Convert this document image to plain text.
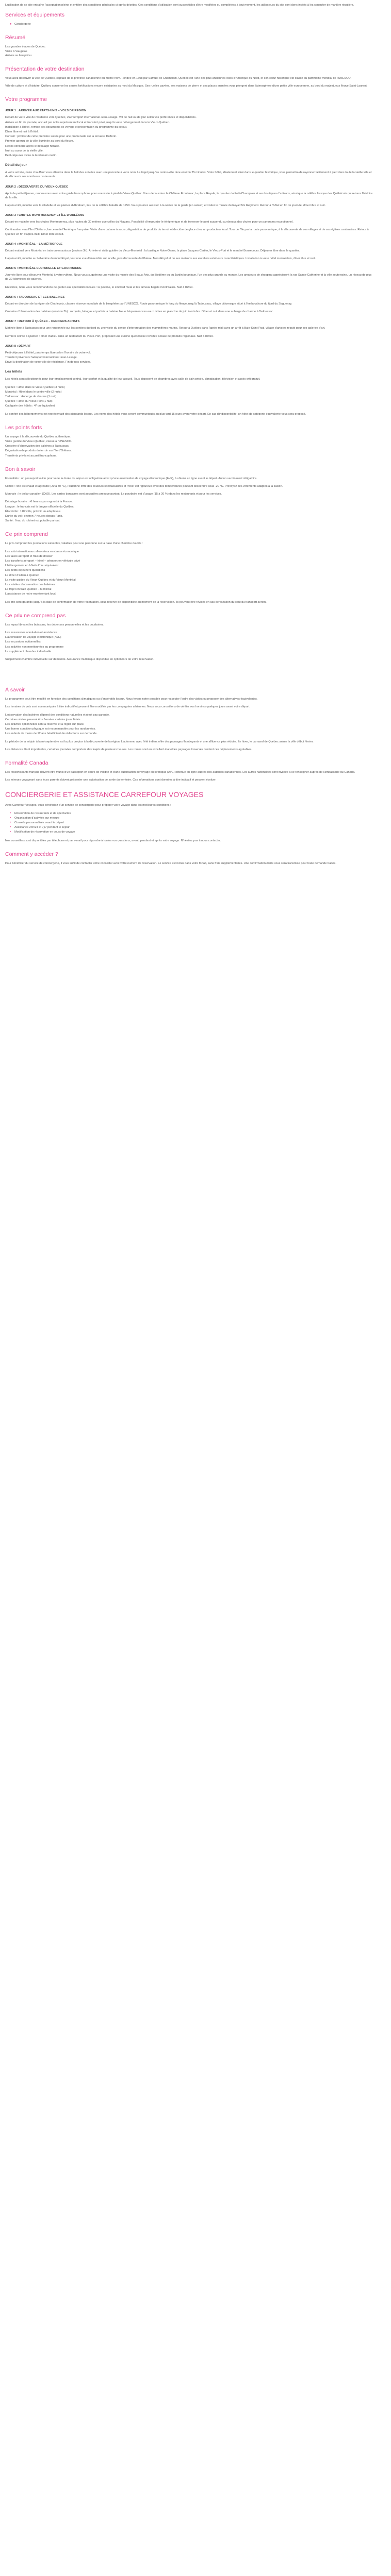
L'utilisation de ce site entraîne l'acceptation pleine et entière des conditions générales ci-après décrites. Ces conditions d'utilisation sont susceptibles d'être modifiées ou complétées à tout moment, les utilisateurs du site sont donc invités à les consulter de manière régulière.

Services et équipements
● Conciergerie
Résumé

Les grandes étapes de Québec

Visite à Vaugelas

Arrivée au lieu prévu

Présentation de votre destination

Vous allez découvrir la ville de Québec, capitale de la province canadienne du même nom. Fondée en 1608 par Samuel de Champlain, Québec est l'une des plus anciennes villes d'Amérique du Nord, et son cœur historique est classé au patrimoine mondial de l'UNESCO.

Ville de culture et d'histoire, Québec conserve les seules fortifications encore existantes au nord du Mexique. Ses ruelles pavées, ses maisons de pierre et ses places animées vous plongent dans l'atmosphère d'une petite ville européenne, au bord du majestueux fleuve Saint-Laurent.

Votre programme
JOUR 1 : ARRIVÉE AUX ÉTATS-UNIS – VOLS DE RÉGION

Départ de votre ville de résidence vers Québec, via l'aéroport international Jean-Lesage. Vol de nuit ou de jour selon vos préférences et disponibilités.

Arrivée en fin de journée, accueil par notre représentant local et transfert privé jusqu'à votre hébergement dans le Vieux-Québec.

Installation à l'hôtel, remise des documents de voyage et présentation du programme du séjour.

Dîner libre et nuit à l'hôtel.

Conseil : profitez de cette première soirée pour une promenade sur la terrasse Dufferin.

Premier aperçu de la ville illuminée au bord du fleuve.

Repos conseillé après le décalage horaire.

Nuit au cœur de la vieille ville.

Petit-déjeuner inclus le lendemain matin.

Détail du jour

À votre arrivée, notre chauffeur vous attendra dans le hall des arrivées avec une pancarte à votre nom. Le trajet jusqu'au centre-ville dure environ 25 minutes. Votre hôtel, idéalement situé dans le quartier historique, vous permettra de rayonner facilement à pied dans toute la vieille ville et de découvrir ses nombreux restaurants.

JOUR 2 : DÉCOUVERTE DU VIEUX-QUÉBEC

Après le petit-déjeuner, rendez-vous avec votre guide francophone pour une visite à pied du Vieux-Québec. Vous découvrirez le Château Frontenac, la place Royale, le quartier du Petit-Champlain et ses boutiques d'artisans, ainsi que la célèbre fresque des Québécois qui retrace l'histoire de la ville.

L'après-midi, montée vers la citadelle et les plaines d'Abraham, lieu de la célèbre bataille de 1759. Vous pourrez assister à la relève de la garde (en saison) et visiter le musée du Royal 22e Régiment. Retour à l'hôtel en fin de journée, dîner libre et nuit.

JOUR 3 : CHUTES MONTMORENCY ET ÎLE D'ORLÉANS

Départ en matinée vers les chutes Montmorency, plus hautes de 30 mètres que celles du Niagara. Possibilité d'emprunter le téléphérique et de traverser le pont suspendu au-dessus des chutes pour un panorama exceptionnel.

Continuation vers l'île d'Orléans, berceau de l'Amérique française. Visite d'une cabane à sucre, dégustation de produits du terroir et de cidre de glace chez un producteur local. Tour de l'île par la route panoramique, à la découverte de ses villages et de ses églises centenaires. Retour à Québec en fin d'après-midi. Dîner libre et nuit.

JOUR 4 : MONTRÉAL – LA MÉTROPOLE

Départ matinal vers Montréal en train ou en autocar (environ 3h). Arrivée et visite guidée du Vieux-Montréal : la basilique Notre-Dame, la place Jacques-Cartier, le Vieux-Port et le marché Bonsecours. Déjeuner libre dans le quartier.

L'après-midi, montée au belvédère du mont Royal pour une vue d'ensemble sur la ville, puis découverte du Plateau Mont-Royal et de ses maisons aux escaliers extérieurs caractéristiques. Installation à votre hôtel montréalais, dîner libre et nuit.

JOUR 5 : MONTRÉAL CULTURELLE ET GOURMANDE

Journée libre pour découvrir Montréal à votre rythme. Nous vous suggérons une visite du musée des Beaux-Arts, du Biodôme ou du Jardin botanique, l'un des plus grands au monde. Les amateurs de shopping apprécieront la rue Sainte-Catherine et la ville souterraine, un réseau de plus de 30 kilomètres de galeries.

En soirée, nous vous recommandons de goûter aux spécialités locales : la poutine, le smoked meat et les fameux bagels montréalais. Nuit à l'hôtel.

JOUR 6 : TADOUSSAC ET LES BALEINES

Départ en direction de la région de Charlevoix, classée réserve mondiale de la biosphère par l'UNESCO. Route panoramique le long du fleuve jusqu'à Tadoussac, village pittoresque situé à l'embouchure du fjord du Saguenay.

Croisière d'observation des baleines (environ 3h) : rorquals, bélugas et parfois la baleine bleue fréquentent ces eaux riches en plancton de juin à octobre. Dîner et nuit dans une auberge de charme à Tadoussac.

JOUR 7 : RETOUR À QUÉBEC – DERNIERS ACHATS

Matinée libre à Tadoussac pour une randonnée sur les sentiers du fjord ou une visite du centre d'interprétation des mammifères marins. Retour à Québec dans l'après-midi avec un arrêt à Baie-Saint-Paul, village d'artistes réputé pour ses galeries d'art.

Dernière soirée à Québec : dîner d'adieu dans un restaurant du Vieux-Port, proposant une cuisine québécoise revisitée à base de produits régionaux. Nuit à l'hôtel.

JOUR 8 : DÉPART

Petit-déjeuner à l'hôtel, puis temps libre selon l'horaire de votre vol.

Transfert privé vers l'aéroport international Jean-Lesage.

Envol à destination de votre ville de résidence. Fin de nos services.

Les hôtels

Les hôtels sont sélectionnés pour leur emplacement central, leur confort et la qualité de leur accueil. Tous disposent de chambres avec salle de bain privée, climatisation, télévision et accès wifi gratuit.

Québec : Hôtel dans le Vieux-Québec (3 nuits)

Montréal : Hôtel dans le centre-ville (2 nuits)

Tadoussac : Auberge de charme (1 nuit)

Québec : Hôtel du Vieux-Port (1 nuit)

Catégorie des hôtels : 4* ou équivalent

Le confort des hébergements est représentatif des standards locaux. Les noms des hôtels vous seront communiqués au plus tard 15 jours avant votre départ. En cas d'indisponibilité, un hôtel de catégorie équivalente vous sera proposé.

Les points forts

Un voyage à la découverte du Québec authentique.

Visite guidée du Vieux-Québec, classé à l'UNESCO.

Croisière d'observation des baleines à Tadoussac.

Dégustation de produits du terroir sur l'île d'Orléans.

Transferts privés et accueil francophone.

Bon à savoir

Formalités : un passeport valide pour toute la durée du séjour est obligatoire ainsi qu'une autorisation de voyage électronique (AVE), à obtenir en ligne avant le départ. Aucun vaccin n'est obligatoire.

Climat : l'été est chaud et agréable (20 à 30 °C), l'automne offre des couleurs spectaculaires et l'hiver est rigoureux avec des températures pouvant descendre sous -20 °C. Prévoyez des vêtements adaptés à la saison.

Monnaie : le dollar canadien (CAD). Les cartes bancaires sont acceptées presque partout. Le pourboire est d'usage (15 à 20 %) dans les restaurants et pour les services.

Décalage horaire : -6 heures par rapport à la France.

Langue : le français est la langue officielle du Québec.

Électricité : 110 volts, prévoir un adaptateur.

Durée du vol : environ 7 heures depuis Paris.

Santé : l'eau du robinet est potable partout.

Ce prix comprend

Le prix comprend les prestations suivantes, valables pour une personne sur la base d'une chambre double :

Les vols internationaux aller-retour en classe économique

Les taxes aéroport et frais de dossier

Les transferts aéroport – hôtel – aéroport en véhicule privé

L'hébergement en hôtels 4* ou équivalent

Les petits-déjeuners quotidiens

Le dîner d'adieu à Québec

La visite guidée du Vieux-Québec et du Vieux-Montréal

La croisière d'observation des baleines

Le trajet en train Québec – Montréal

L'assistance de notre représentant local

Les prix sont garantis jusqu'à la date de confirmation de votre réservation, sous réserve de disponibilité au moment de la réservation. Ils peuvent être révisés en cas de variation du coût du transport aérien.

Ce prix ne comprend pas

Les repas libres et les boissons, les dépenses personnelles et les pourboires.

Les assurances annulation et assistance

L'autorisation de voyage électronique (AVE)

Les excursions optionnelles

Les activités non mentionnées au programme

Le supplément chambre individuelle

Supplément chambre individuelle sur demande. Assurance multirisque disponible en option lors de votre réservation.

À savoir

Le programme peut être modifié en fonction des conditions climatiques ou d'impératifs locaux. Nous ferons notre possible pour respecter l'ordre des visites ou proposer des alternatives équivalentes.

Les horaires de vols sont communiqués à titre indicatif et peuvent être modifiés par les compagnies aériennes. Nous vous conseillons de vérifier vos horaires quelques jours avant votre départ.

L'observation des baleines dépend des conditions naturelles et n'est pas garantie.

Certaines visites peuvent être fermées certains jours fériés.

Les activités optionnelles sont à réserver et à régler sur place.

Une bonne condition physique est recommandée pour les randonnées.

Les enfants de moins de 12 ans bénéficient de réductions sur demande.

La période de la mi-juin à la mi-septembre est la plus propice à la découverte de la région. L'automne, avec l'été indien, offre des paysages flamboyants et une affluence plus réduite. En hiver, le carnaval de Québec anime la ville début février.

Les distances étant importantes, certaines journées comportent des trajets de plusieurs heures. Les routes sont en excellent état et les paysages traversés rendent ces déplacements agréables.

Formalité Canada

Les ressortissants français doivent être munis d'un passeport en cours de validité et d'une autorisation de voyage électronique (AVE) obtenue en ligne auprès des autorités canadiennes. Les autres nationalités sont invitées à se renseigner auprès de l'ambassade du Canada.

Les mineurs voyageant sans leurs parents doivent présenter une autorisation de sortie du territoire. Ces informations sont données à titre indicatif et peuvent évoluer.

CONCIERGERIE ET ASSISTANCE CARREFOUR VOYAGES

Avec Carrefour Voyages, vous bénéficiez d'un service de conciergerie pour préparer votre voyage dans les meilleures conditions :

• Réservation de restaurants et de spectacles
• Organisation d'activités sur mesure
• Conseils personnalisés avant le départ
• Assistance 24h/24 et 7j/7 pendant le séjour
• Modification de réservation en cours de voyage

Nos conseillers sont disponibles par téléphone et par e-mail pour répondre à toutes vos questions, avant, pendant et après votre voyage. N'hésitez pas à nous contacter.

Comment y accéder ?

Pour bénéficier du service de conciergerie, il vous suffit de contacter votre conseiller avec votre numéro de réservation. Le service est inclus dans votre forfait, sans frais supplémentaires. Une confirmation écrite vous sera transmise pour toute demande traitée.
